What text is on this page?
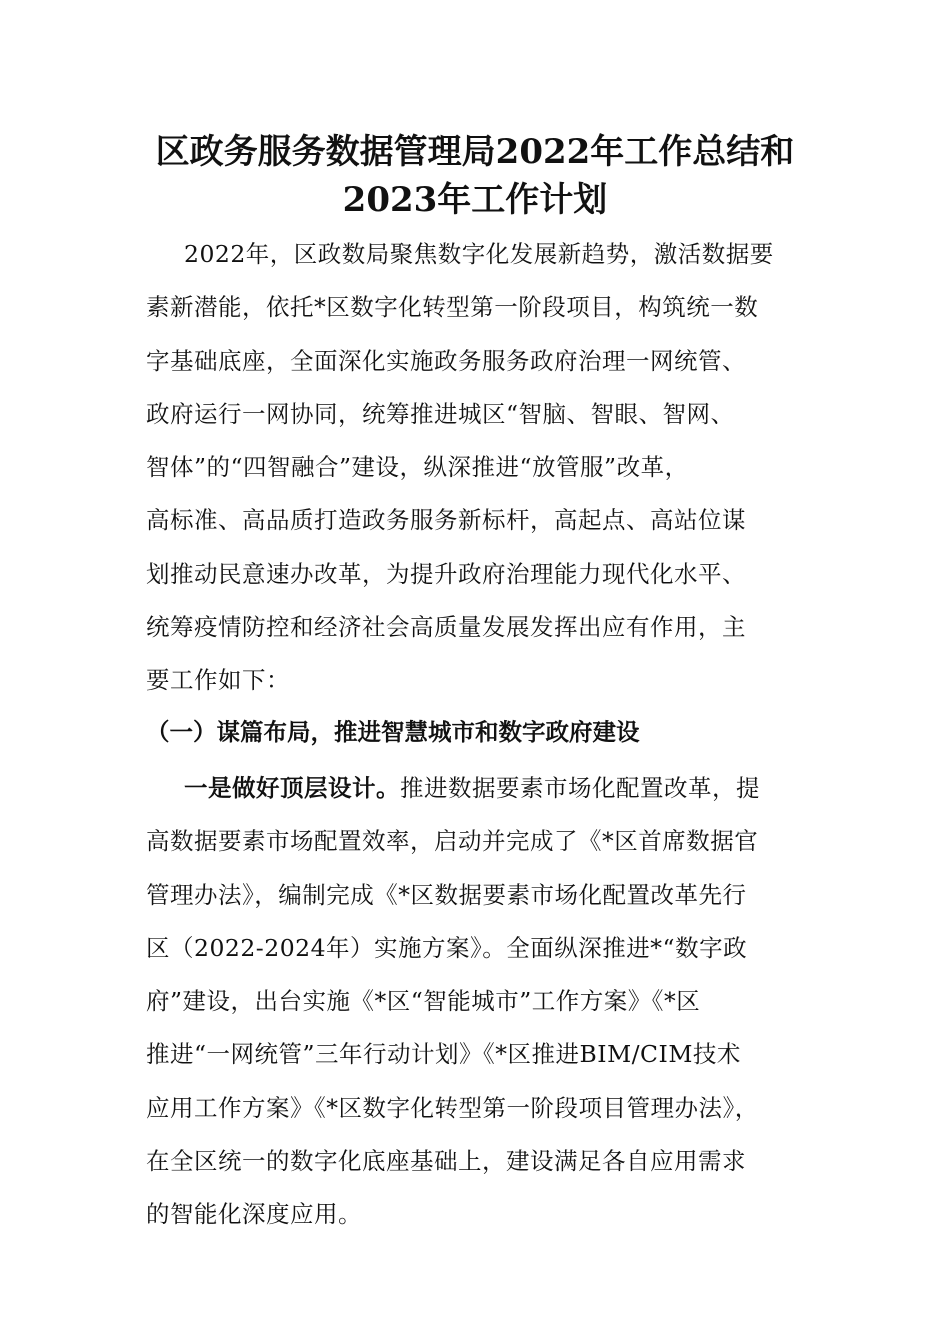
区政务服务数据管理局2022年工作总结和
2023年工作计划

2022年，区政数局聚焦数字化发展新趋势，激活数据要
素新潜能，依托*区数字化转型第一阶段项目，构筑统一数
字基础底座，全面深化实施政务服务政府治理一网统管、
政府运行一网协同，统筹推进城区“智脑、智眼、智网、
智体”的“四智融合”建设，纵深推进“放管服”改革，
高标准、高品质打造政务服务新标杆，高起点、高站位谋
划推动民意速办改革，为提升政府治理能力现代化水平、
统筹疫情防控和经济社会高质量发展发挥出应有作用，主
要工作如下：

（一）谋篇布局，推进智慧城市和数字政府建设

一是做好顶层设计。推进数据要素市场化配置改革，提
高数据要素市场配置效率，启动并完成了《*区首席数据官
管理办法》，编制完成《*区数据要素市场化配置改革先行
区（2022-2024年）实施方案》。全面纵深推进*“数字政
府”建设，出台实施《*区“智能城市”工作方案》《*区
推进“一网统管”三年行动计划》《*区推进BIM/CIM技术
应用工作方案》《*区数字化转型第一阶段项目管理办法》，
在全区统一的数字化底座基础上，建设满足各自应用需求
的智能化深度应用。
